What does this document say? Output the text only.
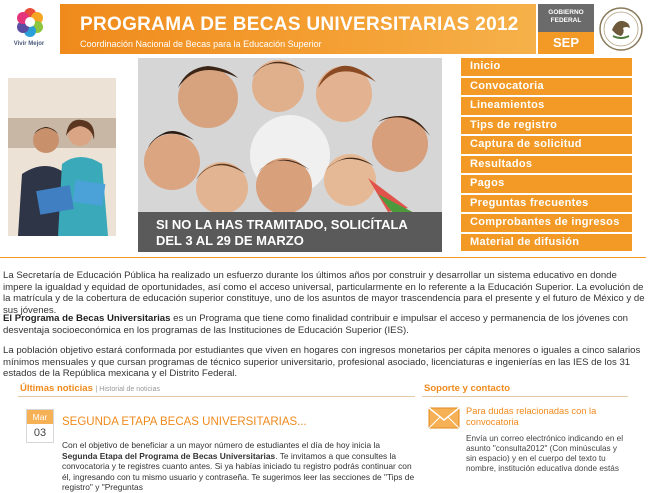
Vivir Mejor
PROGRAMA DE BECAS UNIVERSITARIAS 2012
Coordinación Nacional de Becas para la Educación Superior
GOBIERNO
FEDERAL
SEP
SI NO LA HAS TRAMITADO, SOLICÍTALA
DEL 3 AL 29 DE MARZO
Inicio
Convocatoria
Lineamientos
Tips de registro
Captura de solicitud
Resultados
Pagos
Preguntas frecuentes
Comprobantes de ingresos
Material de difusión

La Secretaría de Educación Pública ha realizado un esfuerzo durante los últimos años por construir y desarrollar un sistema educativo en donde impere la igualdad y equidad de oportunidades, así como el acceso universal, particularmente en lo referente a la Educación Superior. La evolución de la matrícula y de la cobertura de educación superior constituye, uno de los asuntos de mayor trascendencia para el presente y el futuro de México y de sus jóvenes.

El Programa de Becas Universitarias es un Programa que tiene como finalidad contribuir e impulsar el acceso y permanencia de los jóvenes con desventaja socioeconómica en los programas de las Instituciones de Educación Superior (IES).

La población objetivo estará conformada por estudiantes que viven en hogares con ingresos monetarios per cápita menores o iguales a cinco salarios mínimos mensuales y que cursan programas de técnico superior universitario, profesional asociado, licenciaturas e ingenierías en las IES de los 31 estados de la República mexicana y el Distrito Federal.

Últimas noticias | Historial de noticias
Mar
03
SEGUNDA ETAPA BECAS UNIVERSITARIAS...

Con el objetivo de beneficiar a un mayor número de estudiantes el día de hoy inicia la Segunda Etapa del Programa de Becas Universitarias. Te invitamos a que consultes la convocatoria y te registres cuanto antes. Si ya habías iniciado tu registro podrás continuar con él, ingresando con tu mismo usuario y contraseña. Te sugerimos leer las secciones de "Tips de registro" y "Preguntas

Soporte y contacto
Para dudas relacionadas con la convocatoria

Envía un correo electrónico indicando en el asunto "consulta2012" (Con minúsculas y sin espacio) y en el cuerpo del texto tu nombre, institución educativa donde estás
